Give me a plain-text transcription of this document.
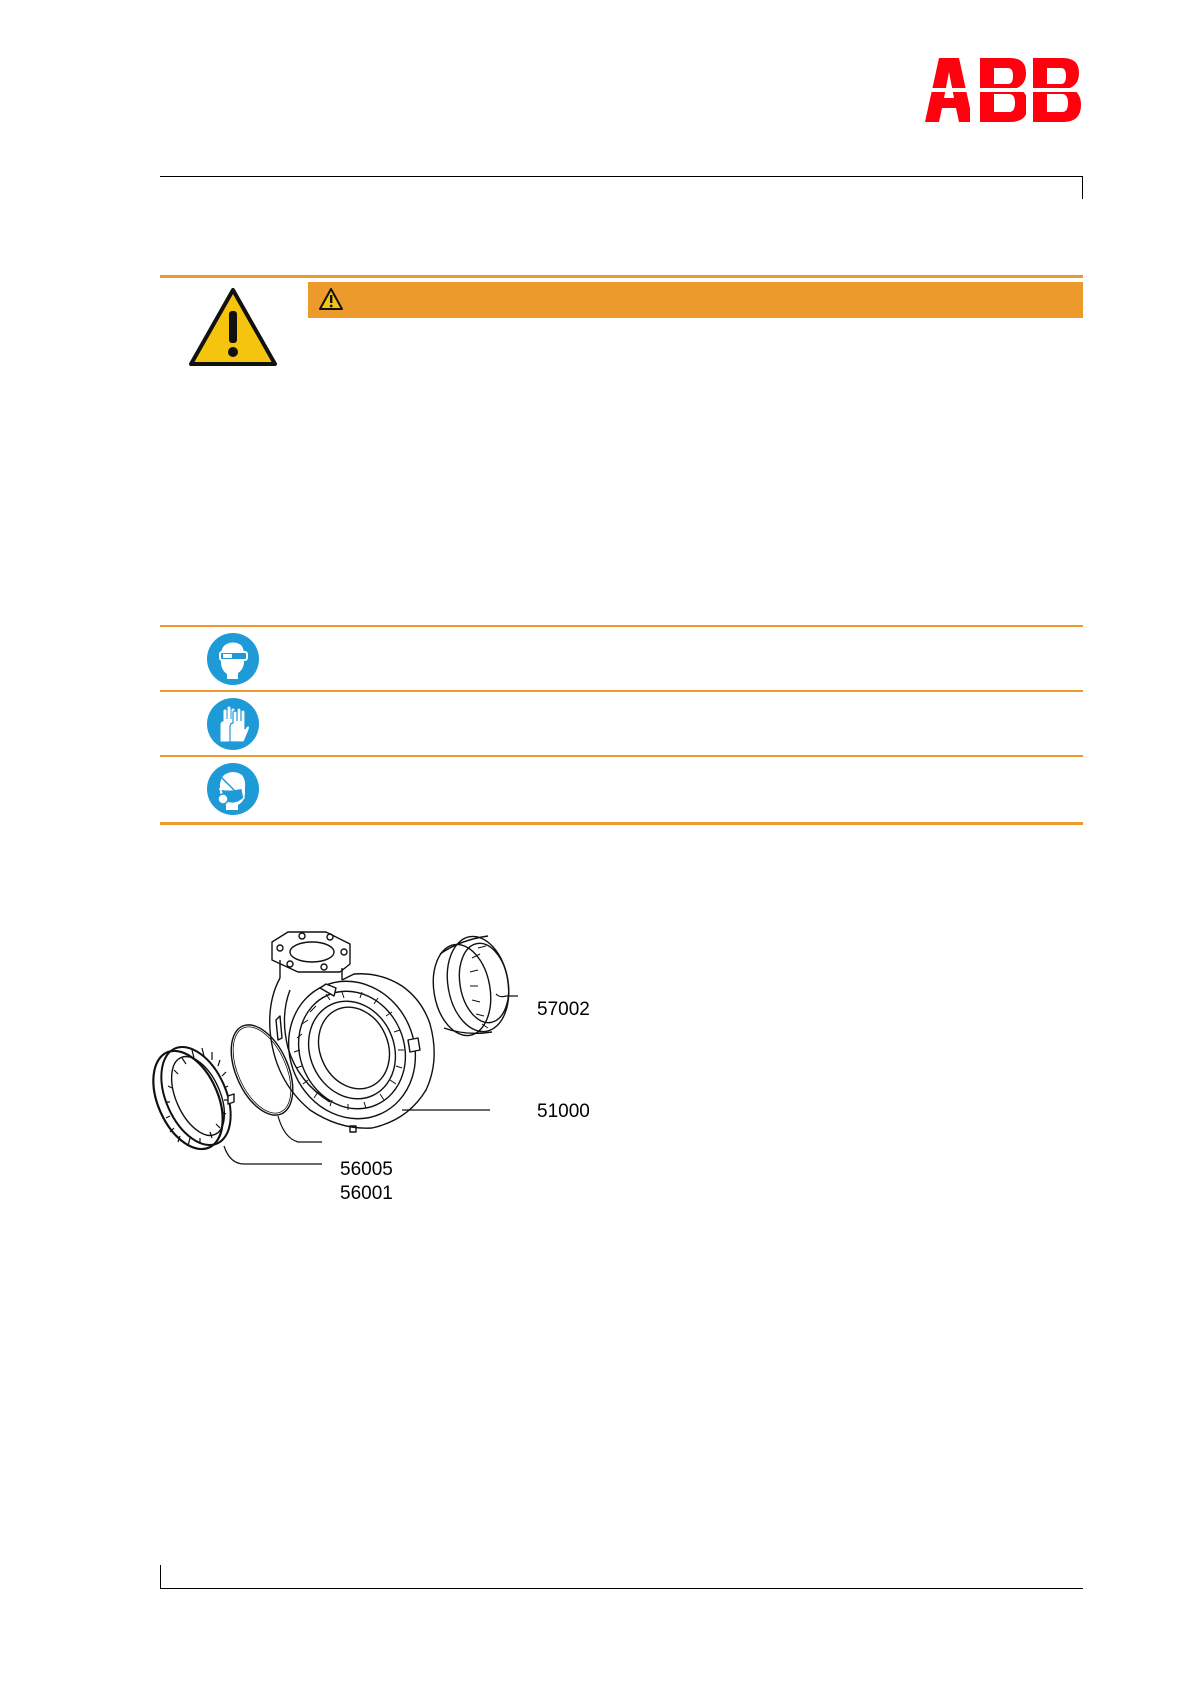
57002
51000
56005
56001
